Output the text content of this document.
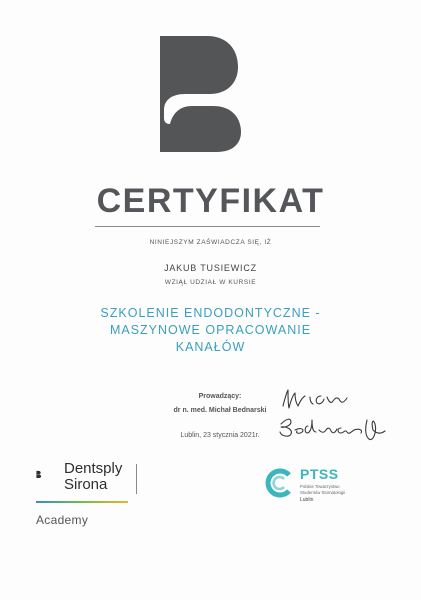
CERTYFIKAT
NINIEJSZYM ZAŚWIADCZA SIĘ, IŻ
JAKUB TUSIEWICZ
WZIĄŁ UDZIAŁ W KURSIE
SZKOLENIE ENDODONTYCZNE -
MASZYNOWE OPRACOWANIE
KANAŁÓW
Prowadzący:
dr n. med. Michał Bednarski
Lublin, 23 stycznia 2021r.
Dentsply
Sirona
Academy
PTSS
Polskie Towarzystwo
Studentów Stomatologii
Lublin
